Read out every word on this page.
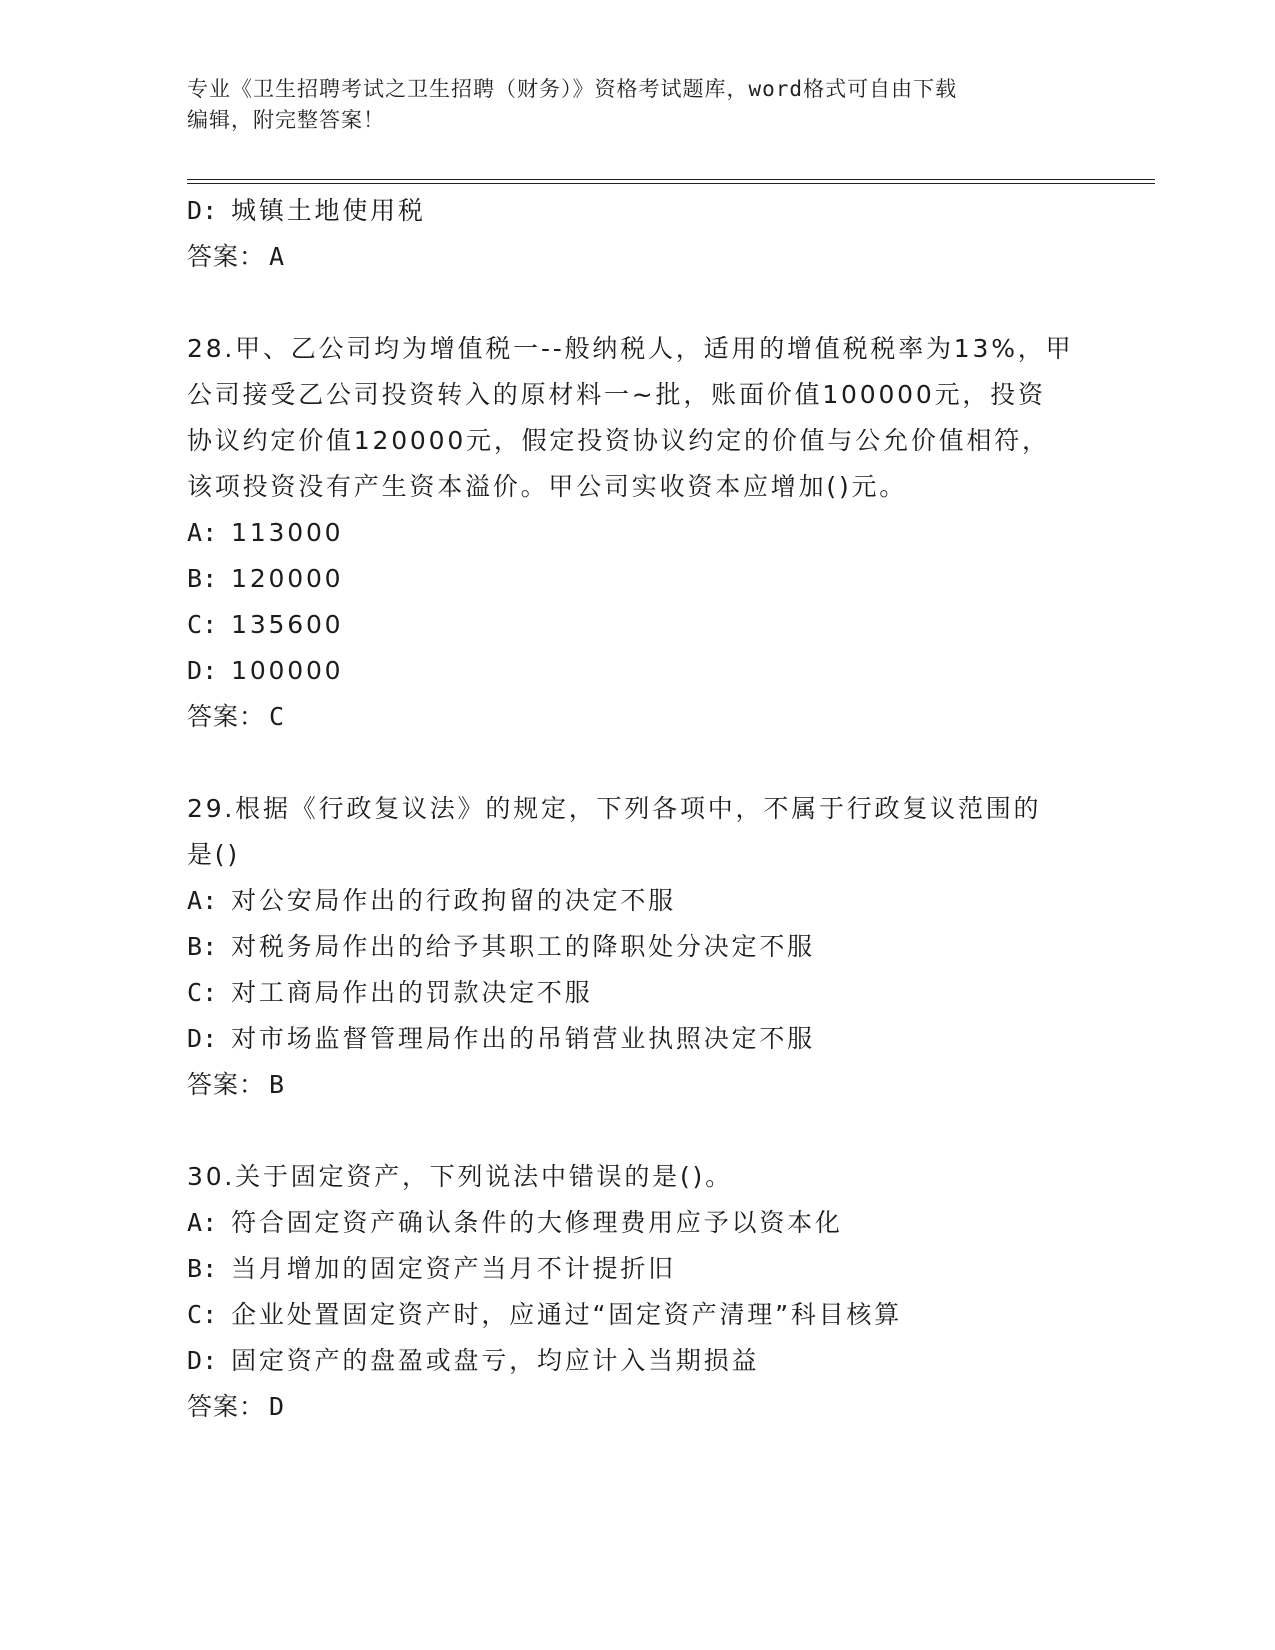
专业《卫生招聘考试之卫生招聘（财务）》资格考试题库，word格式可自由下载
编辑，附完整答案！
D: 城镇土地使用税
答案： A
28.甲、乙公司均为增值税一--般纳税人，适用的增值税税率为13%，甲
公司接受乙公司投资转入的原材料一~批，账面价值100000元，投资
协议约定价值120000元，假定投资协议约定的价值与公允价值相符，
该项投资没有产生资本溢价。甲公司实收资本应增加()元。
A: 113000
B: 120000
C: 135600
D: 100000
答案： C
29.根据《行政复议法》的规定，下列各项中，不属于行政复议范围的
是()
A: 对公安局作出的行政拘留的决定不服
B: 对税务局作出的给予其职工的降职处分决定不服
C: 对工商局作出的罚款决定不服
D: 对市场监督管理局作出的吊销营业执照决定不服
答案： B
30.关于固定资产，下列说法中错误的是()。
A: 符合固定资产确认条件的大修理费用应予以资本化
B: 当月增加的固定资产当月不计提折旧
C: 企业处置固定资产时，应通过“固定资产清理”科目核算
D: 固定资产的盘盈或盘亏，均应计入当期损益
答案： D
